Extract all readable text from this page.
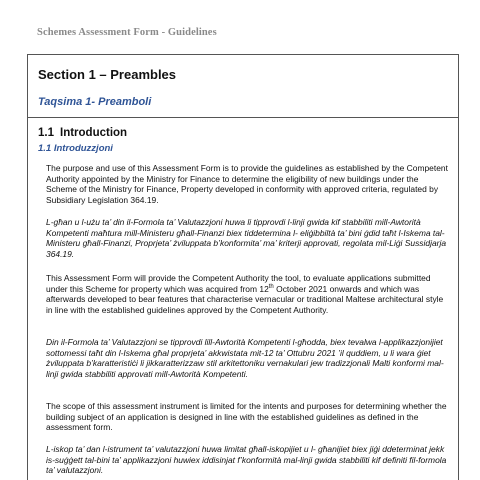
Schemes Assessment Form - Guidelines
Section 1 – Preambles
Taqsima 1- Preamboli
1.1 Introduction
1.1 Introduzzjoni

The purpose and use of this Assessment Form is to provide the guidelines as established by the Competent Authority appointed by the Ministry for Finance to determine the eligibility of new buildings under the Scheme of the Ministry for Finance, Property developed in conformity with approved criteria, regulated by Subsidiary Legislation 364.19.

L-għan u l-użu ta’ din il-Formola ta’ Valutazzjoni huwa li tipprovdi l-linji gwida kif stabbiliti mill-Awtorità Kompetenti maħtura mill-Ministeru għall-Finanzi biex tiddetermina l- eliġibbiltà ta’ bini ġdid taħt l-Iskema tal-Ministeru għall-Finanzi, Proprjeta’ żviluppata b’konformita’ ma’ kriterji approvati, regolata mil-Liġi Sussidjarja 364.19.

This Assessment Form will provide the Competent Authority the tool, to evaluate applications submitted under this Scheme for property which was acquired from 12th October 2021 onwards and which was afterwards developed to bear features that characterise vernacular or traditional Maltese architectural style in line with the established guidelines approved by the Competent Authority.

Din il-Formola ta’ Valutazzjoni se tipprovdi lill-Awtorità Kompetenti l-għodda, biex tevalwa l-applikazzjonijiet sottomessi taħt din l-Iskema għal proprjeta’ akkwistata mit-12 ta’ Ottubru 2021 ’il quddiem, u li wara ġiet żviluppata b’karatteristiċi li jikkaratterizzaw stil arkitettoniku vernakulari jew tradizzjonali Malti konformi mal-linji gwida stabbiliti approvati mill-Awtorità Kompetenti.

The scope of this assessment instrument is limited for the intents and purposes for determining whether the building subject of an application is designed in line with the established guidelines as defined in the assessment form.

L-iskop ta’ dan l-istrument ta’ valutazzjoni huwa limitat għall-iskopijiet u l- għanijiet biex jiġi ddeterminat jekk is-suġġett tal-bini ta’ applikazzjoni huwiex iddisinjat f’konformità mal-linji gwida stabbiliti kif definiti fil-formola ta’ valutazzjoni.
